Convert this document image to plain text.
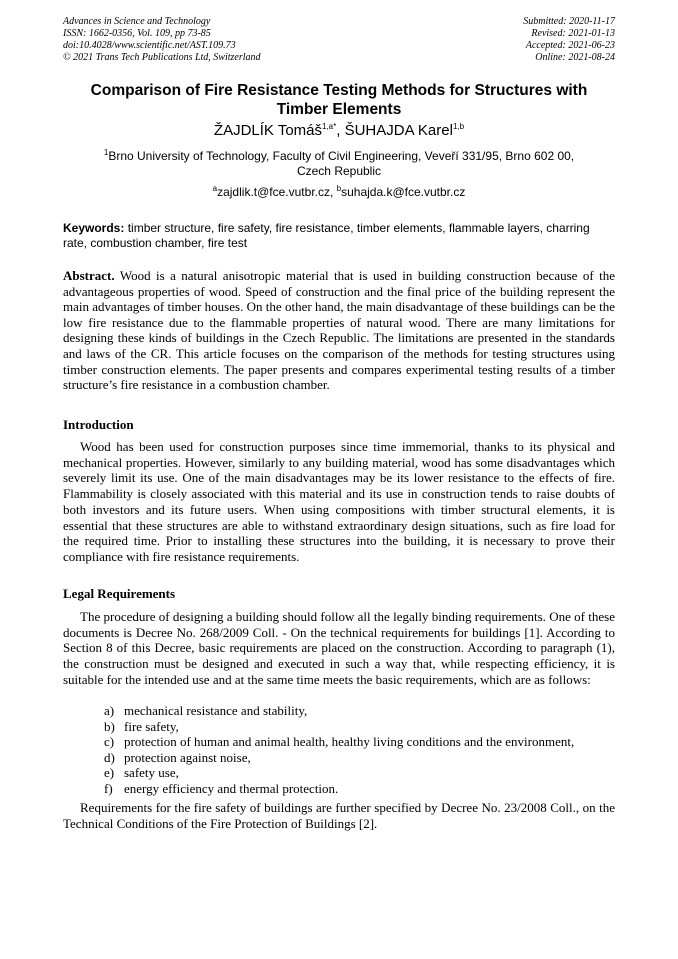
Advances in Science and Technology
ISSN: 1662-0356, Vol. 109, pp 73-85
doi:10.4028/www.scientific.net/AST.109.73
© 2021 Trans Tech Publications Ltd, Switzerland
Submitted: 2020-11-17
Revised: 2021-01-13
Accepted: 2021-06-23
Online: 2021-08-24
Comparison of Fire Resistance Testing Methods for Structures with
Timber Elements
ŽAJDLÍK Tomáš$^{1,a*}$, ŠUHAJDA Karel$^{1,b}$
$^1$Brno University of Technology, Faculty of Civil Engineering, Veveří 331/95, Brno 602 00,
Czech Republic
$^a$zajdlik.t@fce.vutbr.cz, $^b$suhajda.k@fce.vutbr.cz
Keywords: timber structure, fire safety, fire resistance, timber elements, flammable layers, charring rate, combustion chamber, fire test
Abstract. Wood is a natural anisotropic material that is used in building construction because of the advantageous properties of wood. Speed of construction and the final price of the building represent the main advantages of timber houses. On the other hand, the main disadvantage of these buildings can be the low fire resistance due to the flammable properties of natural wood. There are many limitations for designing these kinds of buildings in the Czech Republic. The limitations are presented in the standards and laws of the CR. This article focuses on the comparison of the methods for testing structures using timber construction elements. The paper presents and compares experimental testing results of a timber structure’s fire resistance in a combustion chamber.
Introduction
Wood has been used for construction purposes since time immemorial, thanks to its physical and mechanical properties. However, similarly to any building material, wood has some disadvantages which severely limit its use. One of the main disadvantages may be its lower resistance to the effects of fire. Flammability is closely associated with this material and its use in construction tends to raise doubts of both investors and its future users. When using compositions with timber structural elements, it is essential that these structures are able to withstand extraordinary design situations, such as fire load for the required time. Prior to installing these structures into the building, it is necessary to prove their compliance with fire resistance requirements.
Legal Requirements
The procedure of designing a building should follow all the legally binding requirements. One of these documents is Decree No. 268/2009 Coll. - On the technical requirements for buildings [1]. According to Section 8 of this Decree, basic requirements are placed on the construction. According to paragraph (1), the construction must be designed and executed in such a way that, while respecting efficiency, it is suitable for the intended use and at the same time meets the basic requirements, which are as follows:
a) mechanical resistance and stability,
b) fire safety,
c) protection of human and animal health, healthy living conditions and the environment,
d) protection against noise,
e) safety use,
f) energy efficiency and thermal protection.
Requirements for the fire safety of buildings are further specified by Decree No. 23/2008 Coll., on the Technical Conditions of the Fire Protection of Buildings [2].
